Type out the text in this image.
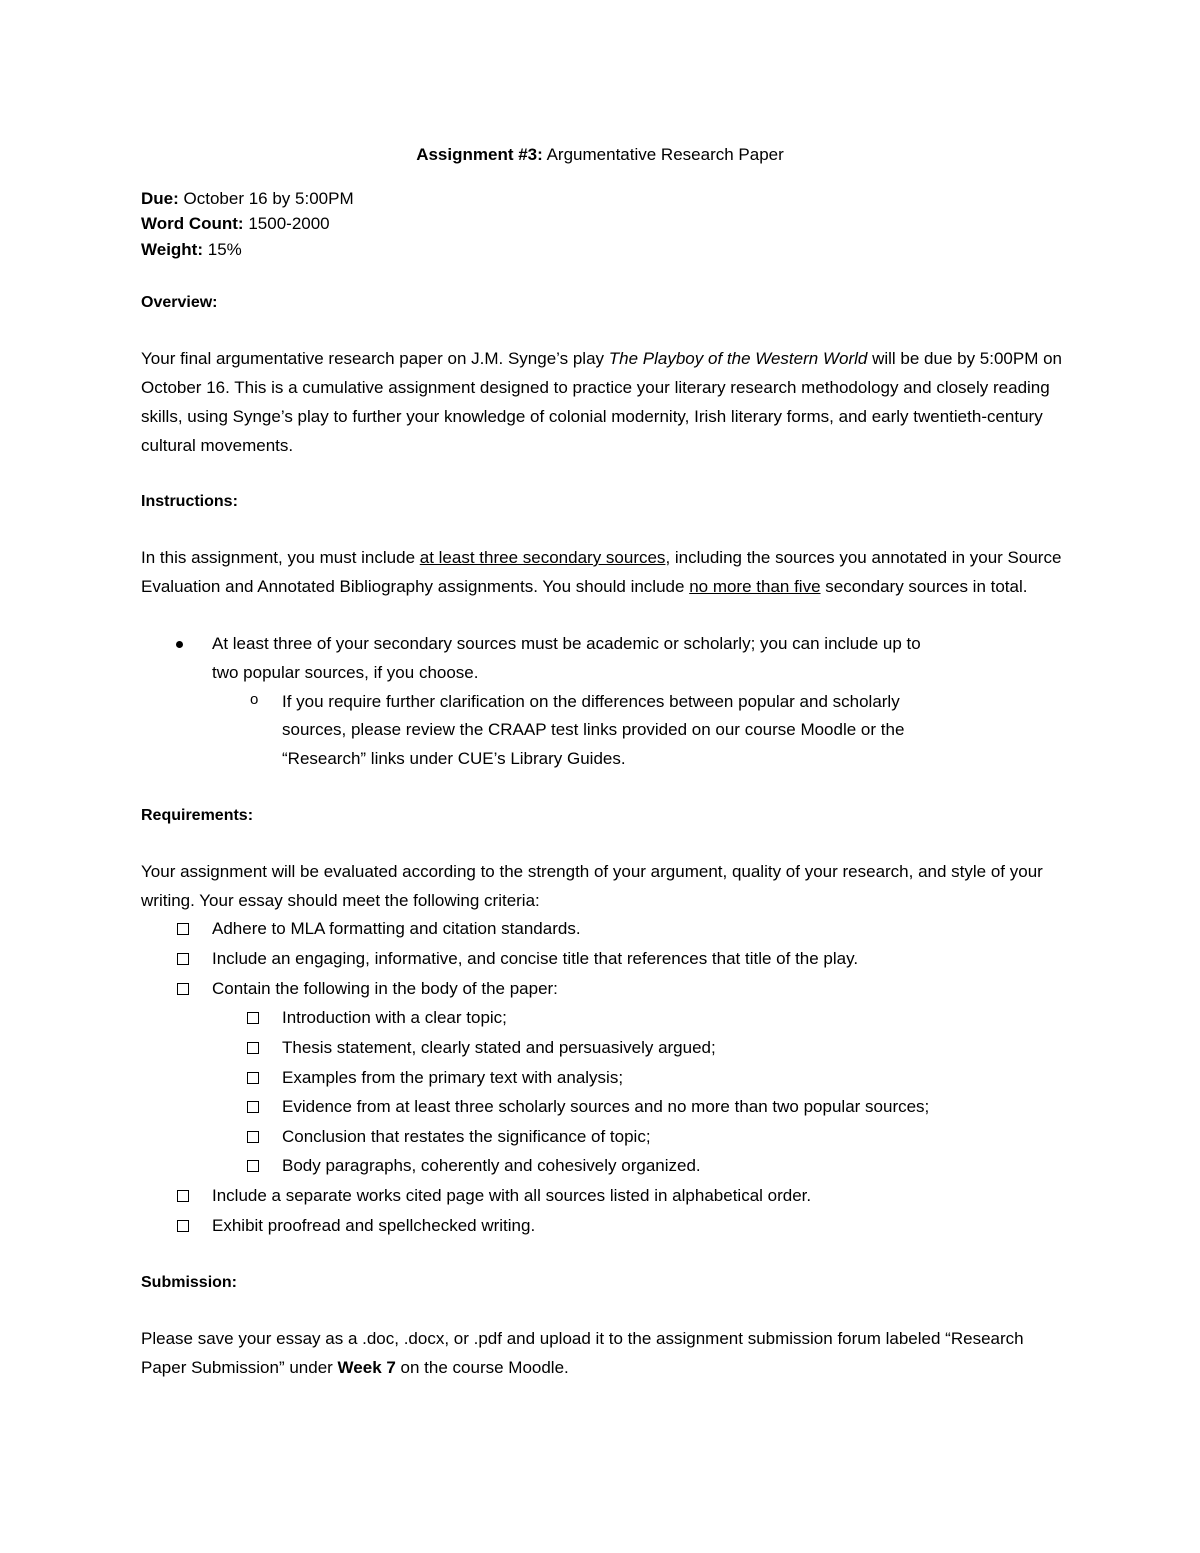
Assignment #3: Argumentative Research Paper
Due: October 16 by 5:00PM
Word Count: 1500-2000
Weight: 15%
Overview:
Your final argumentative research paper on J.M. Synge’s play The Playboy of the Western World will be due by 5:00PM on October 16. This is a cumulative assignment designed to practice your literary research methodology and closely reading skills, using Synge’s play to further your knowledge of colonial modernity, Irish literary forms, and early twentieth-century cultural movements.
Instructions:
In this assignment, you must include at least three secondary sources, including the sources you annotated in your Source Evaluation and Annotated Bibliography assignments. You should include no more than five secondary sources in total.
At least three of your secondary sources must be academic or scholarly; you can include up to
two popular sources, if you choose.
o If you require further clarification on the differences between popular and scholarly
sources, please review the CRAAP test links provided on our course Moodle or the
“Research” links under CUE’s Library Guides.
Requirements:
Your assignment will be evaluated according to the strength of your argument, quality of your research, and style of your writing. Your essay should meet the following criteria:
Adhere to MLA formatting and citation standards.
Include an engaging, informative, and concise title that references that title of the play.
Contain the following in the body of the paper:
Introduction with a clear topic;
Thesis statement, clearly stated and persuasively argued;
Examples from the primary text with analysis;
Evidence from at least three scholarly sources and no more than two popular sources;
Conclusion that restates the significance of topic;
Body paragraphs, coherently and cohesively organized.
Include a separate works cited page with all sources listed in alphabetical order.
Exhibit proofread and spellchecked writing.
Submission:
Please save your essay as a .doc, .docx, or .pdf and upload it to the assignment submission forum labeled “Research Paper Submission” under Week 7 on the course Moodle.
